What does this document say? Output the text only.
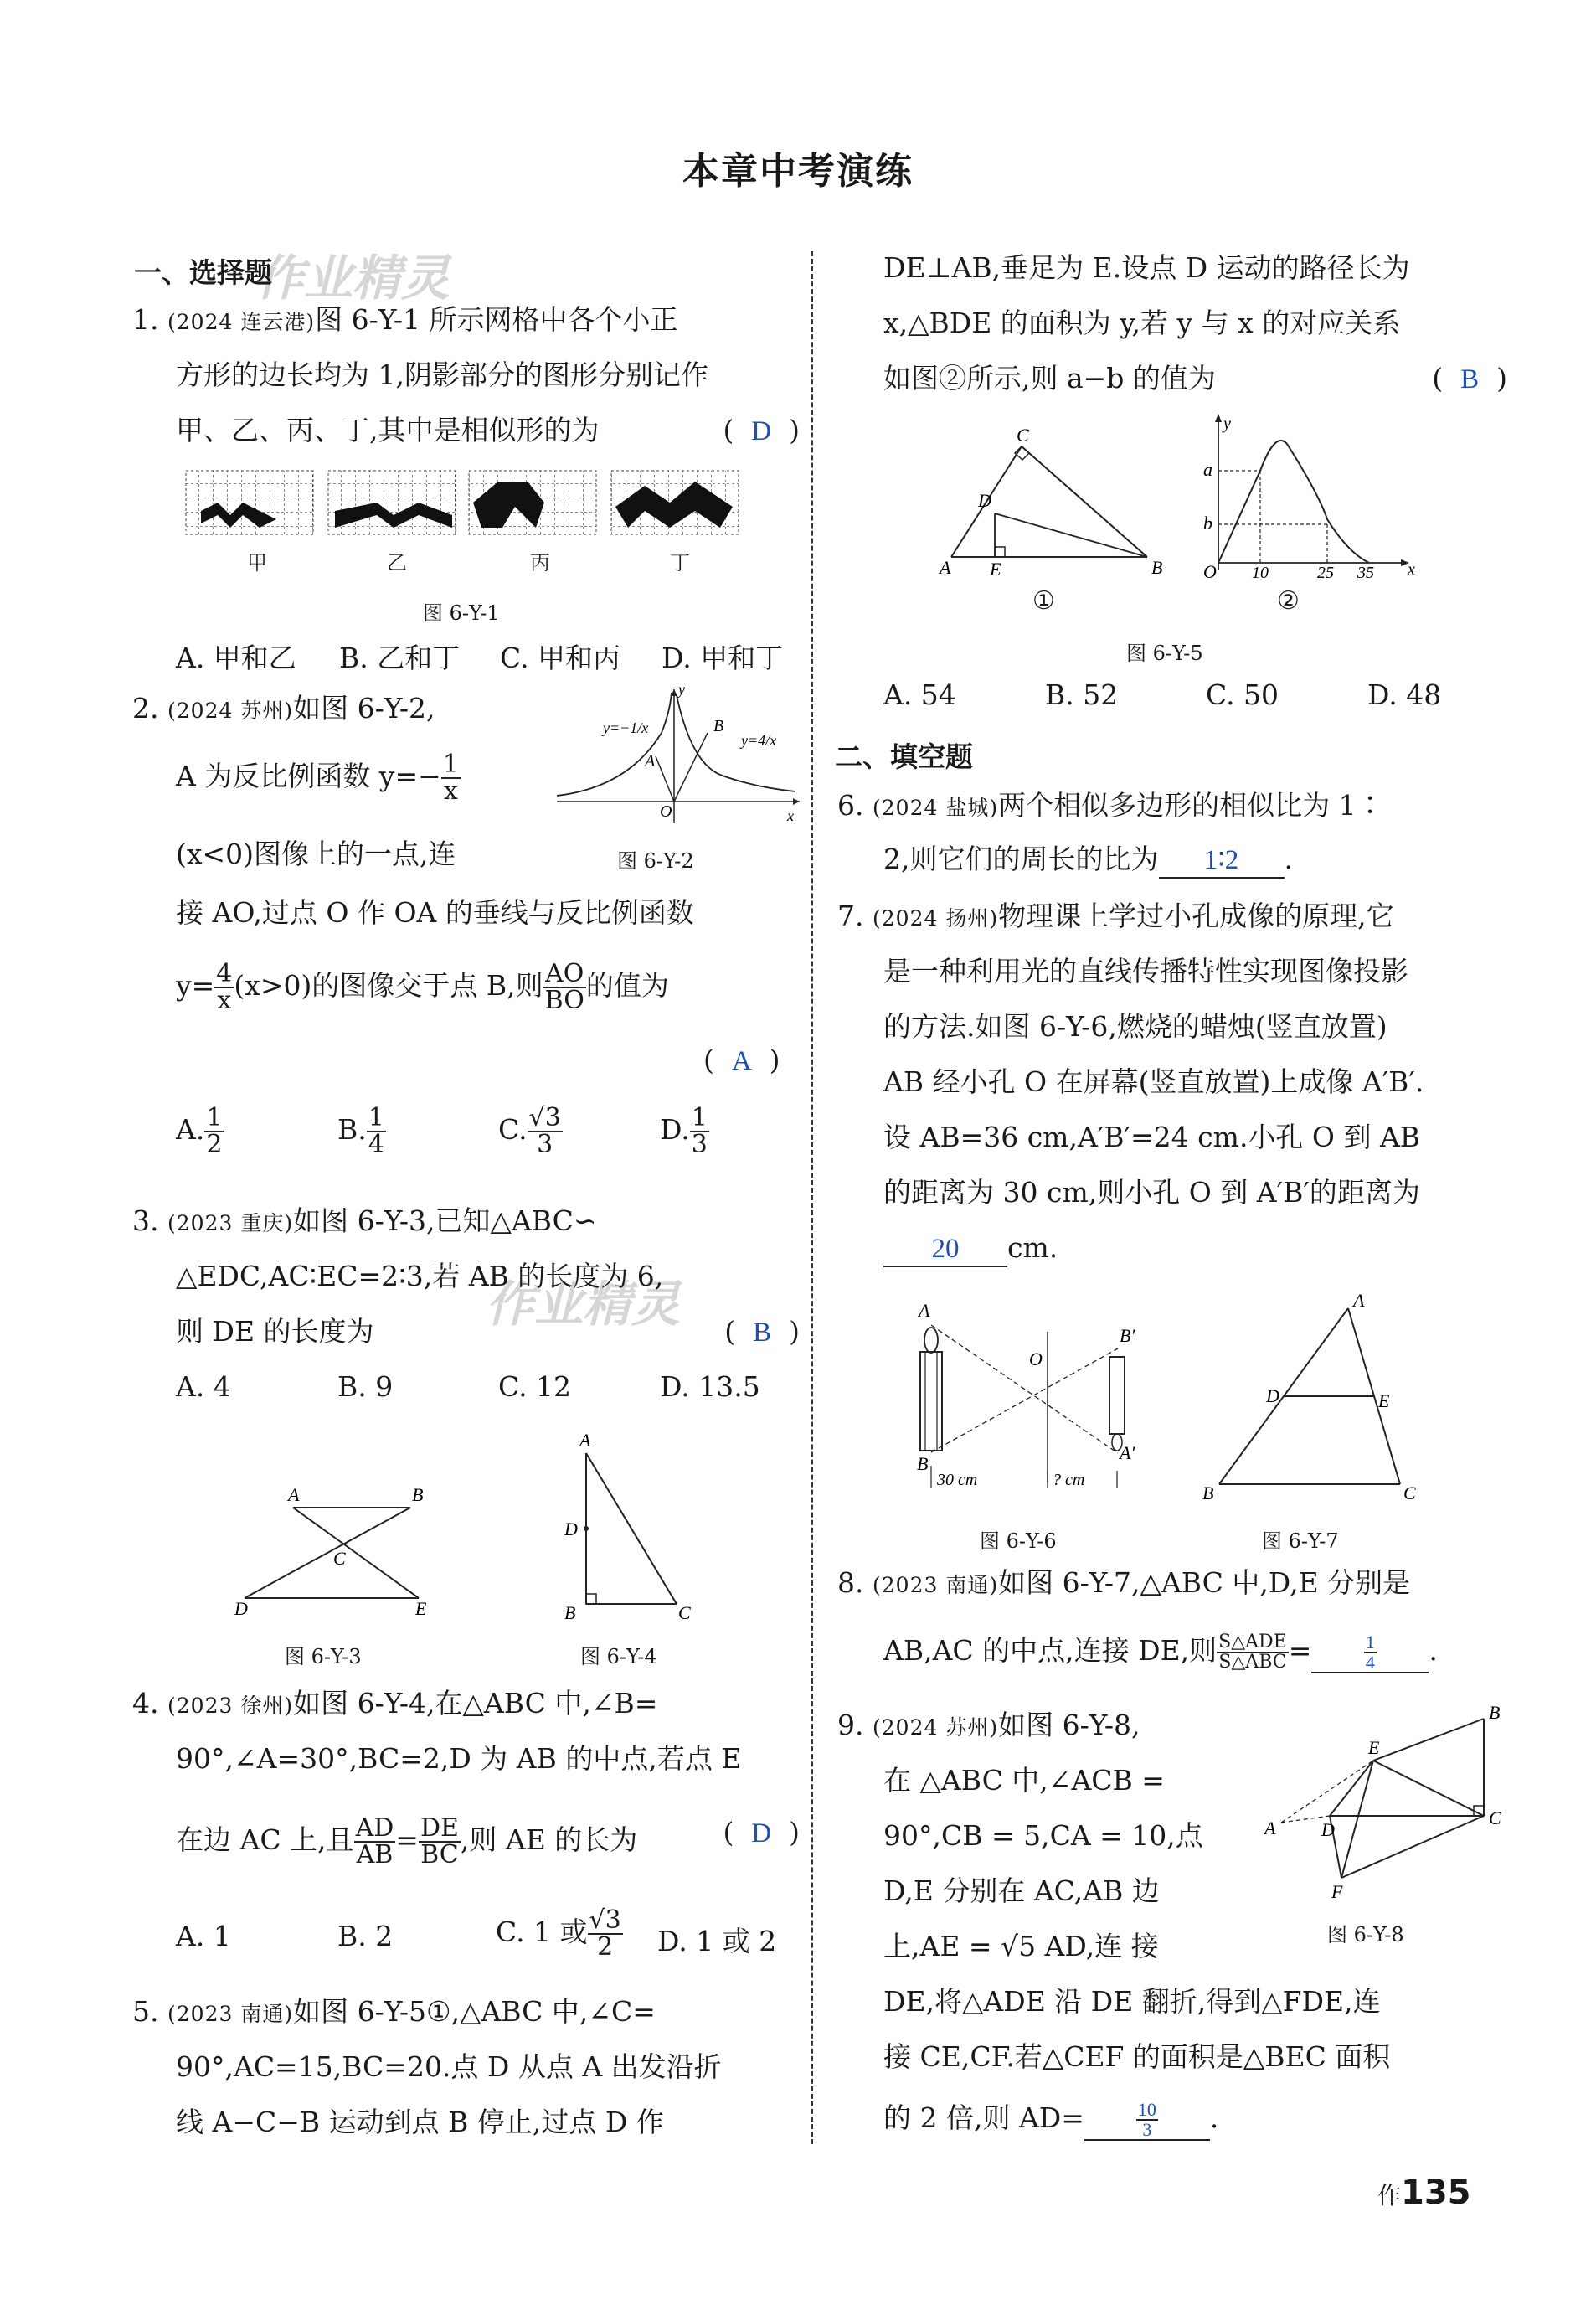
本章中考演练
作业精灵
作业精灵
一、选择题
1. (2024 连云港)图 6-Y-1 所示网格中各个小正
方形的边长均为 1,阴影部分的图形分别记作
甲、乙、丙、丁,其中是相似形的为	(  D  )
甲	乙	丙	丁
图 6-Y-1
A. 甲和乙 B. 乙和丁 C. 甲和丙 D. 甲和丁
2. (2024 苏州)如图 6-Y-2,
A 为反比例函数 $y=- \frac{1}{x}$
(x<0)图像上的一点,连
A
B
O
y
x
y=−1/x
y=4/x
图 6-Y-2
接 AO,过点 O 作 OA 的垂线与反比例函数
$y= \frac{4}{x} (x>0)$的图像交于点 B,则 $\frac{AO}{BO}$ 的值为
(  A  )
A. $\frac{1}{2}$	B. $\frac{1}{4}$	C. $\frac{√3}{3}$	D. $\frac{1}{3}$
3. (2023 重庆)如图 6-Y-3,已知△ABC∽
△EDC,AC∶EC=2∶3,若 AB 的长度为 6,
则 DE 的长度为	(  B  )
A. 4	B. 9	C. 12	D. 13.5
A	B
C
D	E
A
D
B	C
图 6-Y-3	图 6-Y-4
4. (2023 徐州)如图 6-Y-4,在△ABC 中,∠B=
90°,∠A=30°,BC=2,D 为 AB 的中点,若点 E
在边 AC 上,且 $\frac{AD}{AB} = \frac{DE}{BC}$ ,则 AE 的长为	(  D  )
A. 1	B. 2	C. 1 或 $\frac{√3}{2} D$. 1 或 2
5. (2023 南通)如图 6-Y-5①,△ABC 中,∠C=
90°,AC=15,BC=20.点 D 从点 A 出发沿折
线 A−C−B 运动到点 B 停止,过点 D 作
DE⊥AB,垂足为 E.设点 D 运动的路径长为
x,△BDE 的面积为 y,若 y 与 x 的对应关系
如图②所示,则 a−b 的值为	(  B  )
A E	B
C
D
a
b
y
x
O 10	25 35
①	②
图 6-Y-5
A. 54	B. 52	C. 50	D. 48
二、填空题
6. (2024 盐城)两个相似多边形的相似比为 1∶
2,则它们的周长的比为 1∶2 .
7. (2024 扬州)物理课上学过小孔成像的原理,它
是一种利用光的直线传播特性实现图像投影
的方法.如图 6-Y-6,燃烧的蜡烛(竖直放置)
AB 经小孔 O 在屏幕(竖直放置)上成像 A′B′.
设 AB=36 cm,A′B′=24 cm.小孔 O 到 AB
的距离为 30 cm,则小孔 O 到 A′B′的距离为
20 cm.
A
B
O
B′
A′
30 cm	? cm
A
D	E
B	C
图 6-Y-6	图 6-Y-7
8. (2023 南通)如图 6-Y-7,△ABC 中,D,E 分别是
AB,AC 的中点,连接 DE,则 $\frac{\text{S△ADE}}{\text{S△ABC}}$ =	$\frac{1}{4}$ .
9. (2024 苏州)如图 6-Y-8,
在 △ABC 中,∠ACB =
90°,CB = 5,CA = 10,点
D,E 分别在 AC,AB 边
上,AE = √5 AD,连 接
A D
E
B
C
F
图 6-Y-8
DE,将△ADE 沿 DE 翻折,得到△FDE,连
接 CE,CF.若△CEF 的面积是△BEC 面积
的 2 倍,则 AD=	$\frac{10}{3}$ .
作135
